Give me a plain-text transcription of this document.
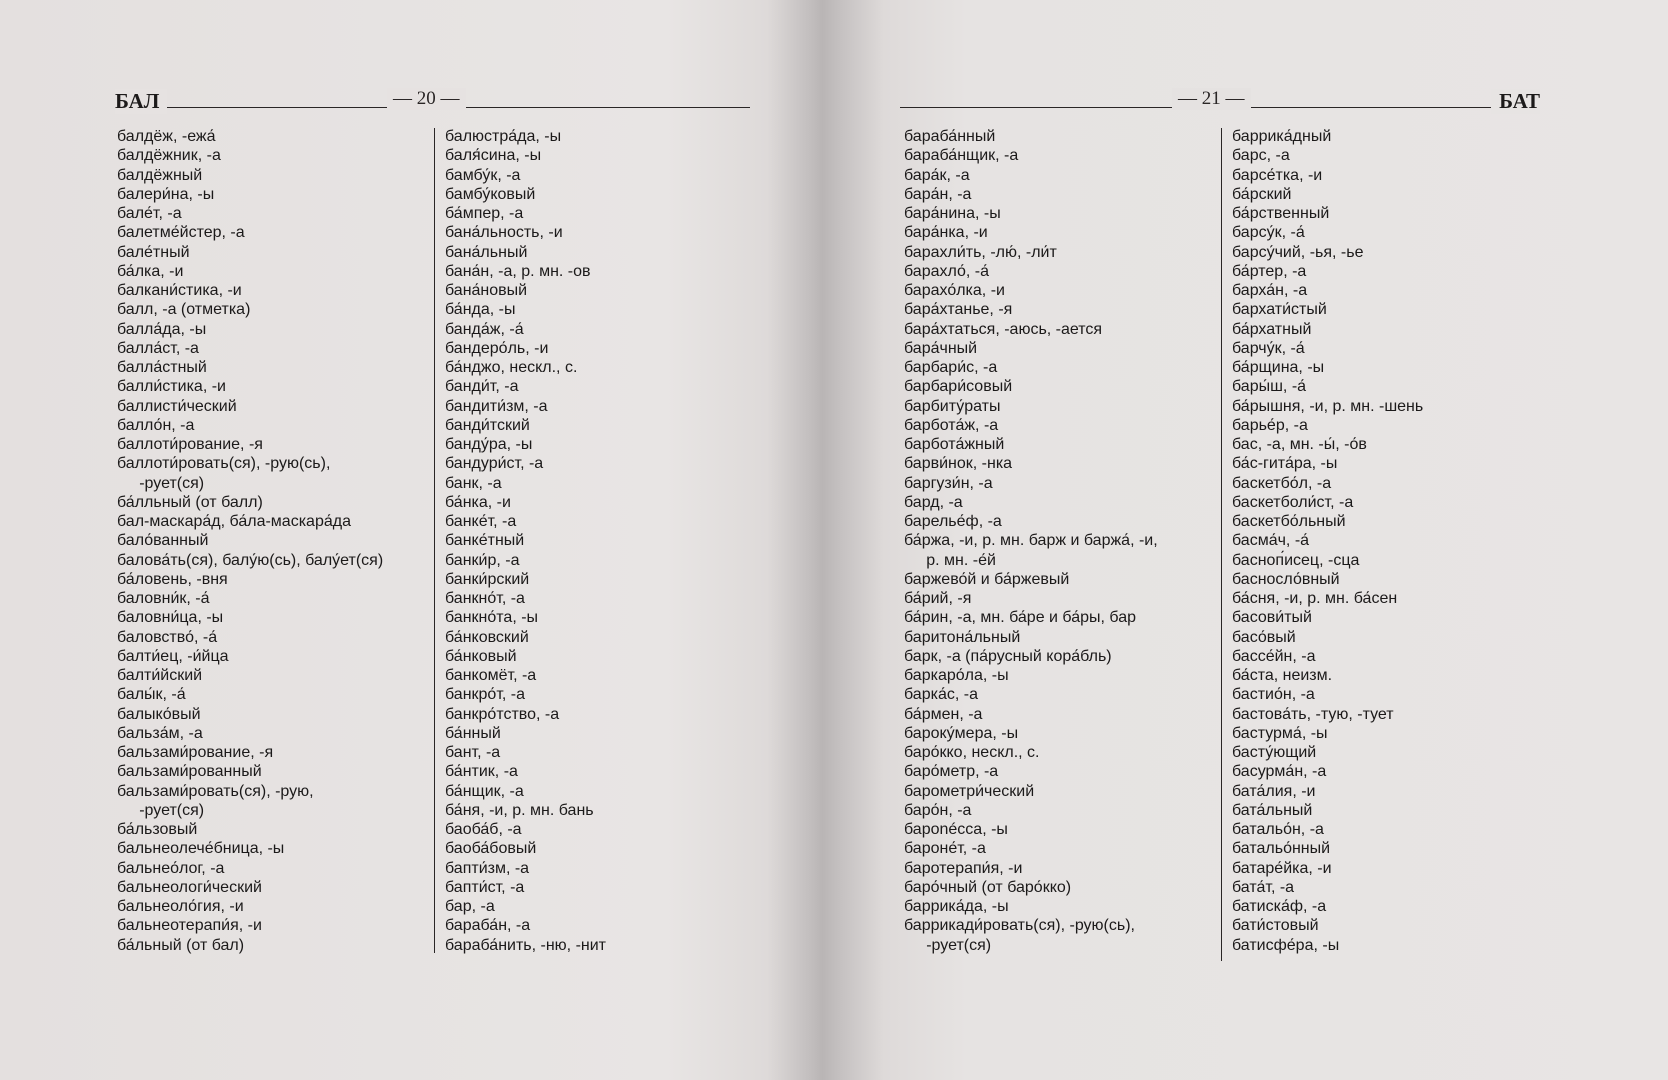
БАЛ	— 20 —
балдёж, -ежа́
балдёжник, -а
балдёжный
балери́на, -ы
бале́т, -а
балетме́йстер, -а
бале́тный
ба́лка, -и
балкани́стика, -и
балл, -а (отметка)
балла́да, -ы
балла́ст, -а
балла́стный
балли́стика, -и
баллисти́ческий
балло́н, -а
баллоти́рование, -я
баллоти́ровать(ся), -рую(сь),
-рует(ся)
ба́лльный (от балл)
бал-маскара́д, ба́ла-маскара́да
бало́ванный
балова́ть(ся), балу́ю(сь), балу́ет(ся)
ба́ловень, -вня
баловни́к, -а́
баловни́ца, -ы
баловство́, -а́
балти́ец, -и́йца
балти́йский
балы́к, -а́
балыко́вый
бальза́м, -а
бальзами́рование, -я
бальзами́рованный
бальзами́ровать(ся), -рую,
-рует(ся)
ба́льзовый
бальнеолече́бница, -ы
бальнео́лог, -а
бальнеологи́ческий
бальнеоло́гия, -и
бальнеотерапи́я, -и
ба́льный (от бал)
балюстра́да, -ы
баля́сина, -ы
бамбу́к, -а
бамбу́ковый
ба́мпер, -а
бана́льность, -и
бана́льный
бана́н, -а, р. мн. -ов
бана́новый
ба́нда, -ы
банда́ж, -а́
бандеро́ль, -и
ба́нджо, нескл., с.
банди́т, -а
бандити́зм, -а
банди́тский
банду́ра, -ы
бандури́ст, -а
банк, -а
ба́нка, -и
банке́т, -а
банке́тный
банки́р, -а
банки́рский
банкно́т, -а
банкно́та, -ы
ба́нковский
ба́нковый
банкомёт, -а
банкро́т, -а
банкро́тство, -а
ба́нный
бант, -а
ба́нтик, -а
ба́нщик, -а
ба́ня, -и, р. мн. бань
баоба́б, -а
баоба́бовый
бапти́зм, -а
бапти́ст, -а
бар, -а
бараба́н, -а
бараба́нить, -ню, -нит
— 21 —	БАТ
бараба́нный
бараба́нщик, -а
бара́к, -а
бара́н, -а
бара́нина, -ы
бара́нка, -и
барахли́ть, -лю́, -ли́т
барахло́, -а́
барахо́лка, -и
бара́хтанье, -я
бара́хтаться, -аюсь, -ается
бара́чный
барбари́с, -а
барбари́совый
барбиту́раты
барбота́ж, -а
барбота́жный
барви́нок, -нка
баргузи́н, -а
бард, -а
барелье́ф, -а
ба́ржа, -и, р. мн. барж и баржа́, -и,
р. мн. -е́й
баржево́й и ба́ржевый
ба́рий, -я
ба́рин, -а, мн. ба́ре и ба́ры, бар
баритона́льный
барк, -а (па́русный кора́бль)
баркаро́ла, -ы
барка́с, -а
ба́рмен, -а
бароку́мера, -ы
баро́кко, нескл., с.
баро́метр, -а
барометри́ческий
баро́н, -а
барonéсса, -ы
бароне́т, -а
баротерапи́я, -и
баро́чный (от баро́кко)
баррика́да, -ы
баррикади́ровать(ся), -рую(сь),
-рует(ся)
баррика́дный
барс, -а
барсе́тка, -и
ба́рский
ба́рственный
барсу́к, -а́
барсу́чий, -ья, -ье
ба́ртер, -а
барха́н, -а
бархати́стый
ба́рхатный
барчу́к, -а́
ба́рщина, -ы
бары́ш, -а́
ба́рышня, -и, р. мн. -шень
барье́р, -а
бас, -а, мн. -ы́, -о́в
ба́с-гита́ра, -ы
баскетбо́л, -а
баскетболи́ст, -а
баскетбо́льный
басма́ч, -а́
басноп́исец, -сца
баснoсло́вный
ба́сня, -и, р. мн. ба́сен
басови́тый
басо́вый
бассе́йн, -а
ба́ста, неизм.
бастио́н, -а
бастова́ть, -тую, -тует
бастурма́, -ы
басту́ющий
басурма́н, -а
бата́лия, -и
бата́льный
батальо́н, -а
батальо́нный
батаре́йка, -и
бата́т, -а
батиска́ф, -а
бати́стовый
батисфе́ра, -ы
